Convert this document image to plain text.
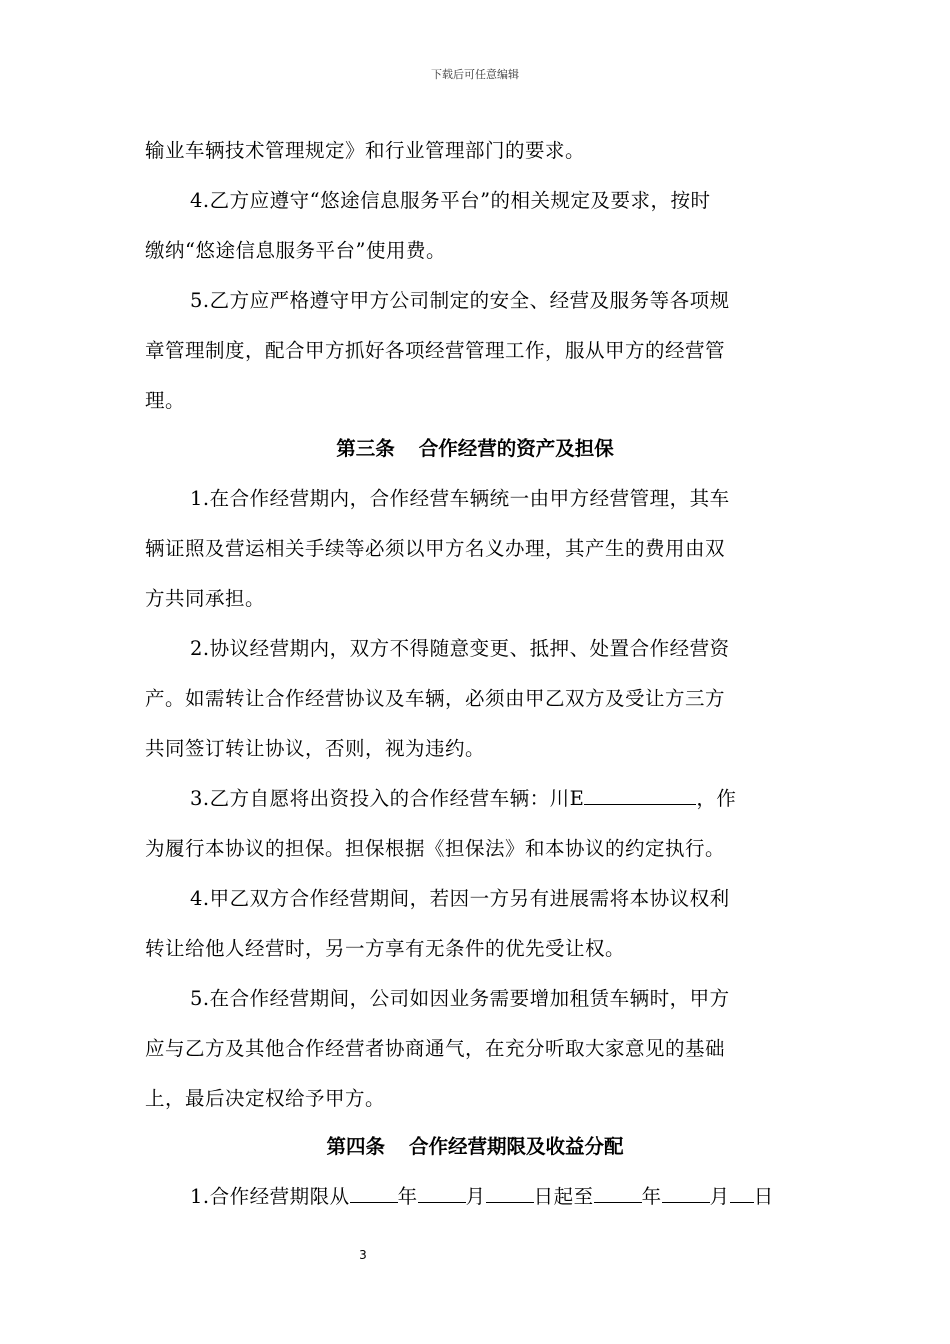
下载后可任意编辑
输业车辆技术管理规定》和行业管理部门的要求。
4.乙方应遵守“悠途信息服务平台”的相关规定及要求，按时
缴纳“悠途信息服务平台”使用费。
5.乙方应严格遵守甲方公司制定的安全、经营及服务等各项规
章管理制度，配合甲方抓好各项经营管理工作，服从甲方的经营管
理。
第三条 合作经营的资产及担保
1.在合作经营期内，合作经营车辆统一由甲方经营管理，其车
辆证照及营运相关手续等必须以甲方名义办理，其产生的费用由双
方共同承担。
2.协议经营期内，双方不得随意变更、抵押、处置合作经营资
产。如需转让合作经营协议及车辆，必须由甲乙双方及受让方三方
共同签订转让协议，否则，视为违约。
3.乙方自愿将出资投入的合作经营车辆：川E	，作
为履行本协议的担保。担保根据《担保法》和本协议的约定执行。
4.甲乙双方合作经营期间，若因一方另有进展需将本协议权利
转让给他人经营时，另一方享有无条件的优先受让权。
5.在合作经营期间，公司如因业务需要增加租赁车辆时，甲方
应与乙方及其他合作经营者协商通气，在充分听取大家意见的基础
上，最后决定权给予甲方。
第四条 合作经营期限及收益分配
1.合作经营期限从 年 月 日起至 年 月 日
3
